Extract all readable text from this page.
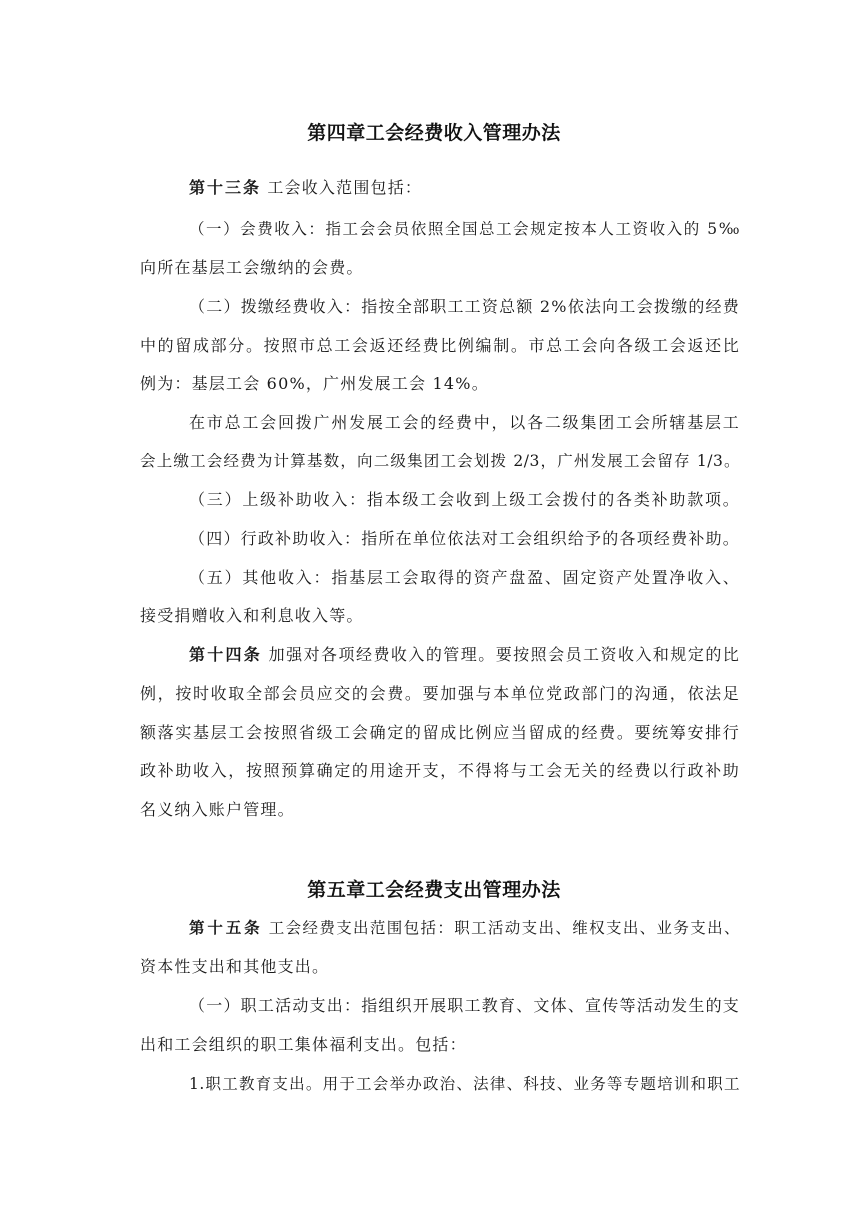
第四章工会经费收入管理办法
第十三条 工会收入范围包括：
（一）会费收入：指工会会员依照全国总工会规定按本人工资收入的 5‰
向所在基层工会缴纳的会费。
（二）拨缴经费收入：指按全部职工工资总额 2%依法向工会拨缴的经费
中的留成部分。按照市总工会返还经费比例编制。市总工会向各级工会返还比
例为：基层工会 60%，广州发展工会 14%。
在市总工会回拨广州发展工会的经费中，以各二级集团工会所辖基层工
会上缴工会经费为计算基数，向二级集团工会划拨 2/3，广州发展工会留存 1/3。
（三）上级补助收入：指本级工会收到上级工会拨付的各类补助款项。
（四）行政补助收入：指所在单位依法对工会组织给予的各项经费补助。
（五）其他收入：指基层工会取得的资产盘盈、固定资产处置净收入、
接受捐赠收入和利息收入等。
第十四条 加强对各项经费收入的管理。要按照会员工资收入和规定的比
例，按时收取全部会员应交的会费。要加强与本单位党政部门的沟通，依法足
额落实基层工会按照省级工会确定的留成比例应当留成的经费。要统筹安排行
政补助收入，按照预算确定的用途开支，不得将与工会无关的经费以行政补助
名义纳入账户管理。
第五章工会经费支出管理办法
第十五条 工会经费支出范围包括：职工活动支出、维权支出、业务支出、
资本性支出和其他支出。
（一）职工活动支出：指组织开展职工教育、文体、宣传等活动发生的支
出和工会组织的职工集体福利支出。包括：
1.职工教育支出。用于工会举办政治、法律、科技、业务等专题培训和职工
